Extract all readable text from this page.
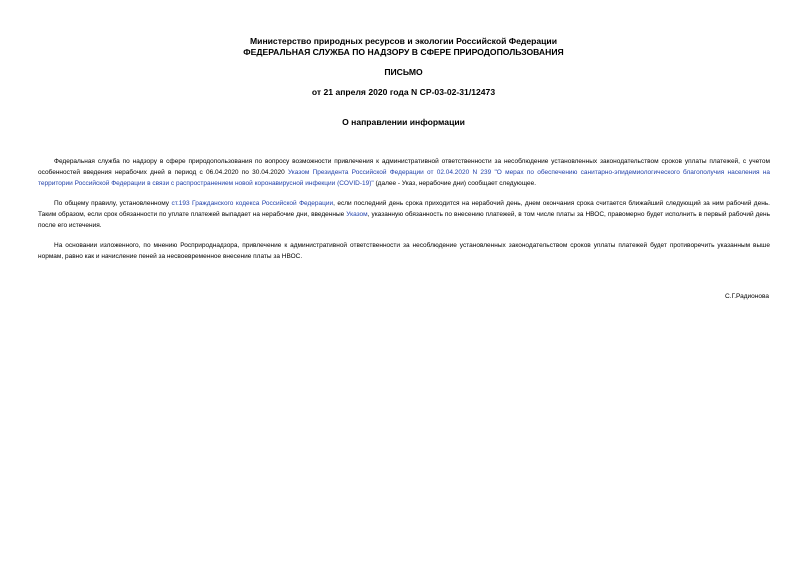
Министерство природных ресурсов и экологии Российской Федерации
ФЕДЕРАЛЬНАЯ СЛУЖБА ПО НАДЗОРУ В СФЕРЕ ПРИРОДОПОЛЬЗОВАНИЯ
ПИСЬМО
от 21 апреля 2020 года N СР-03-02-31/12473
О направлении информации

Федеральная служба по надзору в сфере природопользования по вопросу возможности привлечения к административной ответственности за несоблюдение установленных законодательством сроков уплаты платежей, с учетом особенностей введения нерабочих дней в период с 06.04.2020 по 30.04.2020 Указом Президента Российской Федерации от 02.04.2020 N 239 "О мерах по обеспечению санитарно-эпидемиологического благополучия населения на территории Российской Федерации в связи с распространением новой коронавирусной инфекции (COVID-19)" (далее - Указ, нерабочие дни) сообщает следующее.

По общему правилу, установленному ст.193 Гражданского кодекса Российской Федерации, если последний день срока приходится на нерабочий день, днем окончания срока считается ближайший следующий за ним рабочий день. Таким образом, если срок обязанности по уплате платежей выпадает на нерабочие дни, введенные Указом, указанную обязанность по внесению платежей, в том числе платы за НВОС, правомерно будет исполнить в первый рабочий день после его истечения.

На основании изложенного, по мнению Росприроднадзора, привлечение к административной ответственности за несоблюдение установленных законодательством сроков уплаты платежей будет противоречить указанным выше нормам, равно как и начисление пеней за несвоевременное внесение платы за НВОС.

С.Г.Радионова
